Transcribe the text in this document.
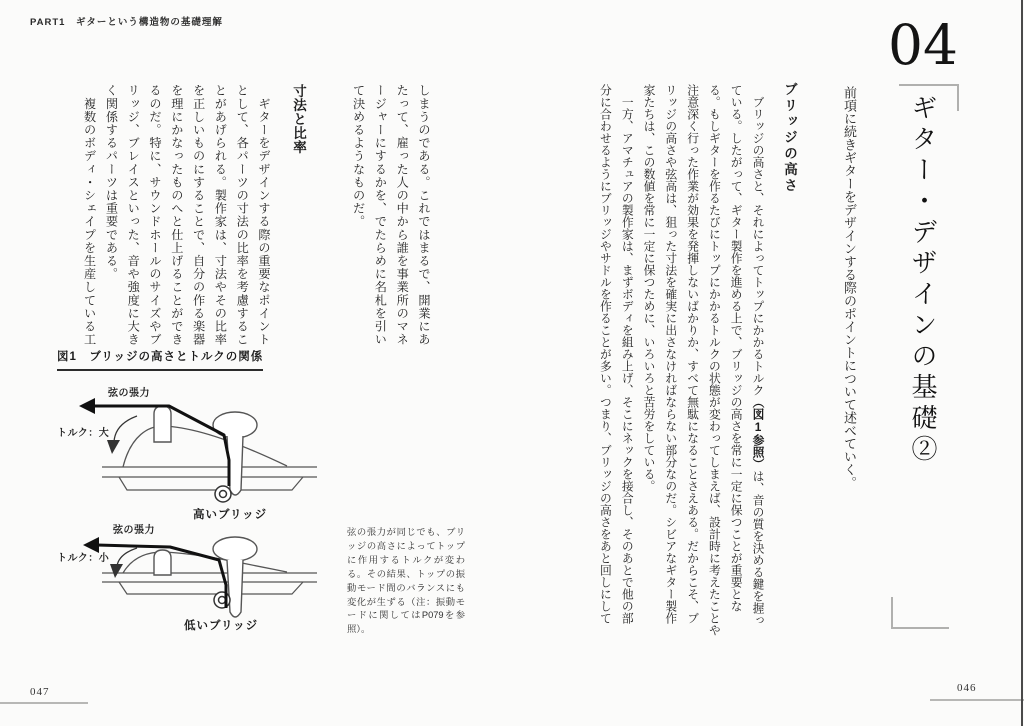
PART1　ギターという構造物の基礎理解	04
ギター・デザインの基礎②
前項に続きギターをデザインする際のポイントについて述べていく。
ブリッジの高さ
　ブリッジの高さと、それによってトップにかかるトルク（図1参照）は、音の質を決める鍵を握っ
ている。したがって、ギター製作を進める上で、ブリッジの高さを常に一定に保つことが重要とな
る。もしギターを作るたびにトップにかかるトルクの状態が変わってしまえば、設計時に考えたことや
注意深く行った作業が効果を発揮しないばかりか、すべて無駄になることさえある。だからこそ、ブ
リッジの高さや弦高は、狙った寸法を確実に出さなければならない部分なのだ。シビアなギター製作
家たちは、この数値を常に一定に保つために、いろいろと苦労をしている。
　一方、アマチュアの製作家は、まずボディを組み上げ、そこにネックを接合し、そのあとで他の部
分に合わせるようにブリッジやサドルを作ることが多い。つまり、ブリッジの高さをあと回しにして
しまうのである。これではまるで、開業にあ
たって、雇った人の中から誰を事業所のマネ
ージャーにするかを、でたらめに名札を引い
て決めるようなものだ。
寸法と比率
　ギターをデザインする際の重要なポイント
として、各パーツの寸法の比率を考慮するこ
とがあげられる。製作家は、寸法やその比率
を正しいものにすることで、自分の作る楽器
を理にかなったものへと仕上げることができ
るのだ。特に、サウンドホールのサイズやブ
リッジ、ブレイスといった、音や強度に大き
く関係するパーツは重要である。
　複数のボディ・シェイプを生産している工
図1　ブリッジの高さとトルクの関係
弦の張力
トルク：大
高いブリッジ
弦の張力
トルク：小
低いブリッジ
弦の張力が同じでも、ブリッジの高さによってトップに作用するトルクが変わる。その結果、トップの振動モード間のバランスにも変化が生ずる（注：振動モードに関してはP079を参照）。
047	046
